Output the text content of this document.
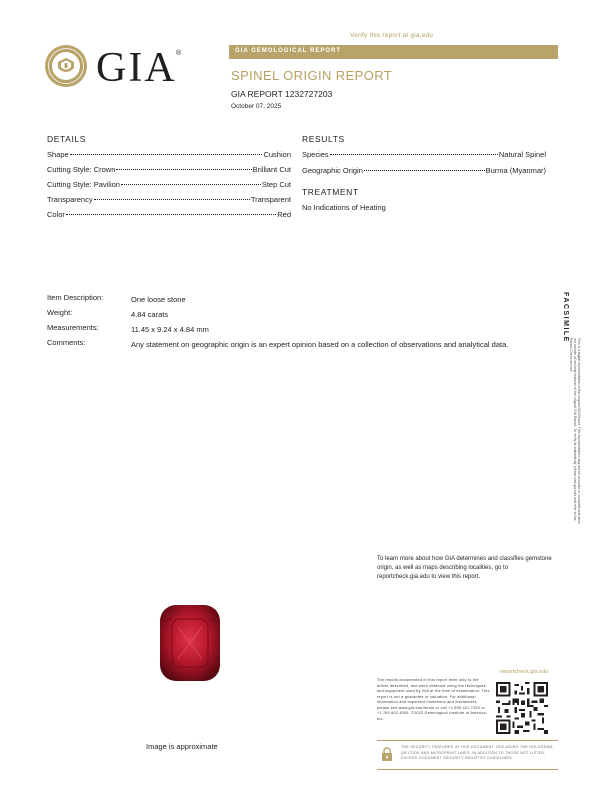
Verify this report at gia.edu
GIA ®	GIA GEMOLOGICAL REPORT
SPINEL ORIGIN REPORT
GIA REPORT 1232727203
October 07, 2025
DETAILS
Shape	Cushion
Cutting Style: Crown	Brilliant Cut
Cutting Style: Pavilion	Step Cut
Transparency	Transparent
Color	Red
RESULTS
Species	Natural Spinel
Geographic Origin	Burma (Myanmar)
TREATMENT
No Indications of Heating
Item Description:	One loose stone
Weight:	4.84 carats
Measurements:	11.45 x 9.24 x 4.84 mm
Comments:	Any statement on geographic origin is an expert opinion based on a collection of observations and analytical data.
FACSIMILE
This is a digital representation of the original GIA Report. This representation may not be accurate or complete and does not include all security features of the original GIA Report. To verify its authenticity, please visit gia.edu and refer to the Report Check service.
To learn more about how GIA determines and classifies gemstone origin, as well as maps describing localities, go to reportcheck.gia.edu to view this report.
Image is approximate
reportcheck.gia.edu
The results documented in this report refer only to the article described, and were obtained using the techniques and equipment used by GIA at the time of examination. This report is not a guarantee or valuation. For additional information and important limitations and disclaimers, please see www.gia.edu/terms or call +1 800 421 7250 or +1 760 603 4500. ©2023 Gemological Institute of America, Inc.
THE SECURITY FEATURES IN THIS DOCUMENT, INCLUDING THE HOLOGRAM, QR CODE AND MICROPRINT LINES, IN ADDITION TO THOSE NOT LISTED, EXCEED DOCUMENT SECURITY INDUSTRY GUIDELINES.
